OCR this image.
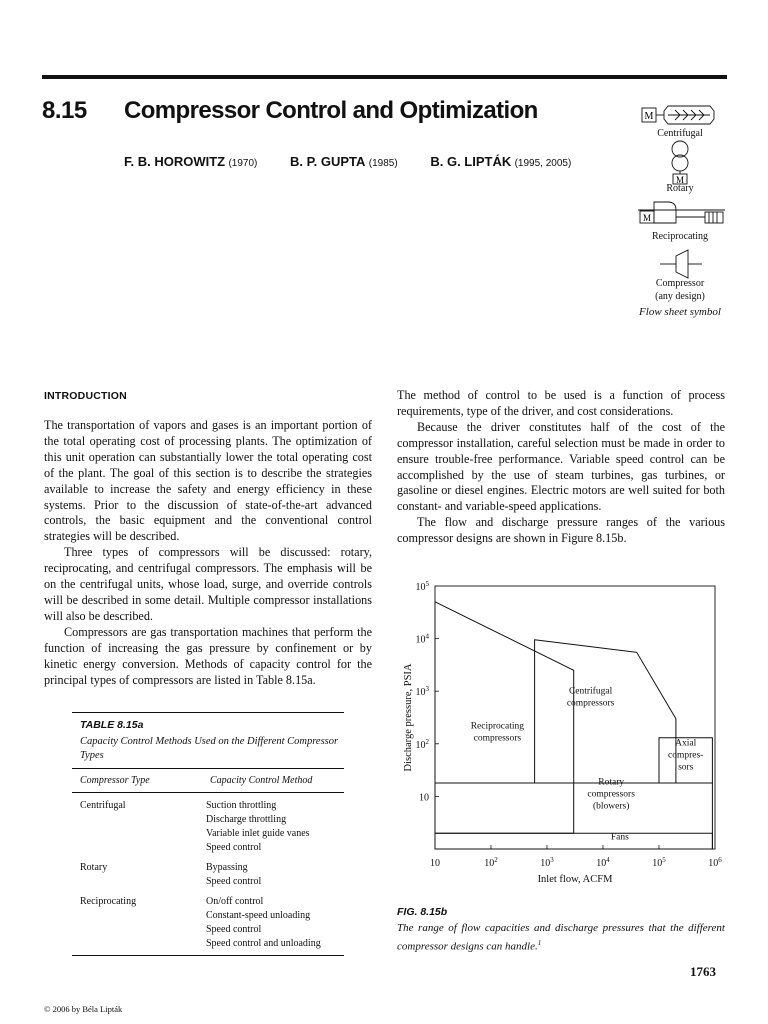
8.15 Compressor Control and Optimization
F. B. HOROWITZ (1970)	B. P. GUPTA (1985)	B. G. LIPTÁK (1995, 2005)
M
M
M
Centrifugal
Rotary
Reciprocating
Compressor
(any design)
Flow sheet symbol
INTRODUCTION

The transportation of vapors and gases is an important portion of the total operating cost of processing plants. The optimization of this unit operation can substantially lower the total operating cost of the plant. The goal of this section is to describe the strategies available to increase the safety and energy efficiency in these systems. Prior to the discussion of state-of-the-art advanced controls, the basic equipment and the conventional control strategies will be described.

Three types of compressors will be discussed: rotary, reciprocating, and centrifugal compressors. The emphasis will be on the centrifugal units, whose load, surge, and override controls will be described in some detail. Multiple compressor installations will also be described.

Compressors are gas transportation machines that perform the function of increasing the gas pressure by confinement or by kinetic energy conversion. Methods of capacity control for the principal types of compressors are listed in Table 8.15a.

TABLE 8.15a
Capacity Control Methods Used on the Different Compressor Types
Compressor Type	Capacity Control Method
Centrifugal	Suction throttling
Discharge throttling
Variable inlet guide vanes
Speed control
Rotary	Bypassing
Speed control
Reciprocating	On/off control
Constant-speed unloading
Speed control
Speed control and unloading

The method of control to be used is a function of process requirements, type of the driver, and cost considerations.

Because the driver constitutes half of the cost of the compressor installation, careful selection must be made in order to ensure trouble-free performance. Variable speed control can be accomplished by the use of steam turbines, gas turbines, or gasoline or diesel engines. Electric motors are well suited for both constant- and variable-speed applications.

The flow and discharge pressure ranges of the various compressor designs are shown in Figure 8.15b.

10	$10^2$	$10^3$	$10^4$	$10^5$	$10^6$
10
$10^2$
$10^3$
$10^4$
$10^5$
Inlet flow, ACFM
Discharge pressure, PSIA	Reciprocating
compressors
Centrifugal
compressors
Axial
compres-
sors
Rotary
compressors
(blowers)
Fans
FIG. 8.15b
The range of flow capacities and discharge pressures that the different compressor designs can handle.$^1$
1763
© 2006 by Béla Lipták
